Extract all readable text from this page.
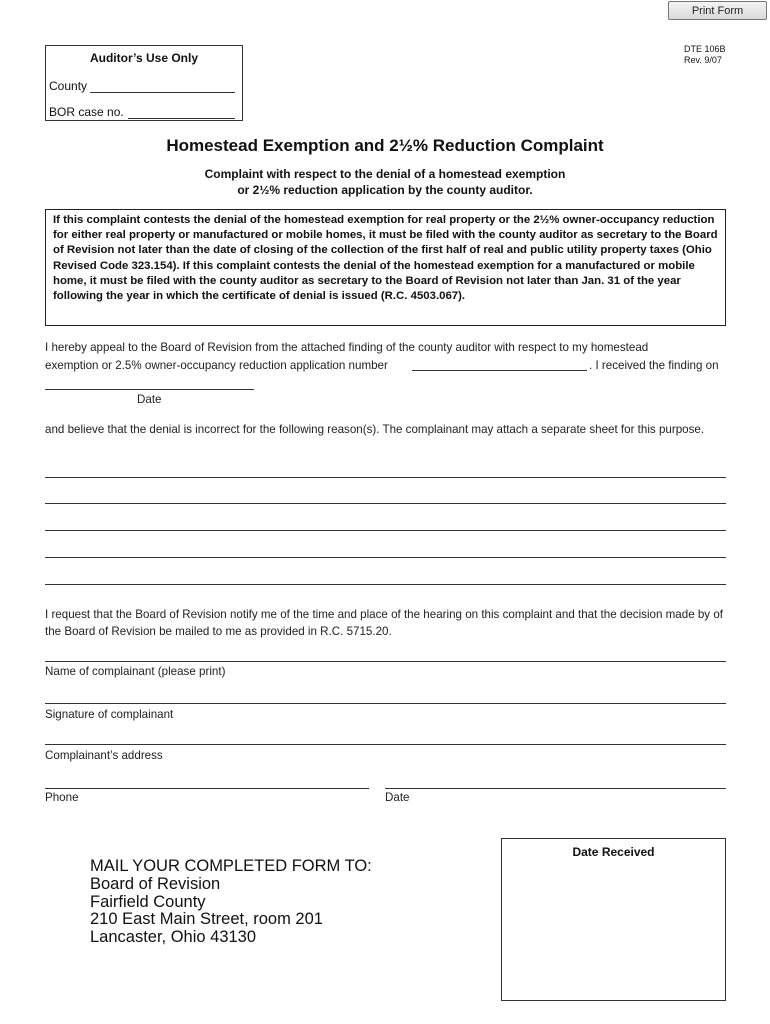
Print Form
Auditor’s Use Only
County
BOR case no.
DTE 106B
Rev. 9/07
Homestead Exemption and 2½% Reduction Complaint
Complaint with respect to the denial of a homestead exemption
or 2½% reduction application by the county auditor.
If this complaint contests the denial of the homestead exemption for real property or the 2½% owner-occupancy reduction for either real property or manufactured or mobile homes, it must be filed with the county auditor as secretary to the Board of Revision not later than the date of closing of the collection of the first half of real and public utility property taxes (Ohio Revised Code 323.154). If this complaint contests the denial of the homestead exemption for a manufactured or mobile home, it must be filed with the county auditor as secretary to the Board of Revision not later than Jan. 31 of the year following the year in which the certificate of denial is issued (R.C. 4503.067).
I hereby appeal to the Board of Revision from the attached finding of the county auditor with respect to my homestead
exemption or 2.5% owner-occupancy reduction application number	. I received the finding on
Date
and believe that the denial is incorrect for the following reason(s). The complainant may attach a separate sheet for this purpose.
I request that the Board of Revision notify me of the time and place of the hearing on this complaint and that the decision made by of the Board of Revision be mailed to me as provided in R.C. 5715.20.
Name of complainant (please print)
Signature of complainant
Complainant’s address
Phone	Date
MAIL YOUR COMPLETED FORM TO:
Board of Revision
Fairfield County
210 East Main Street, room 201
Lancaster, Ohio 43130
Date Received
